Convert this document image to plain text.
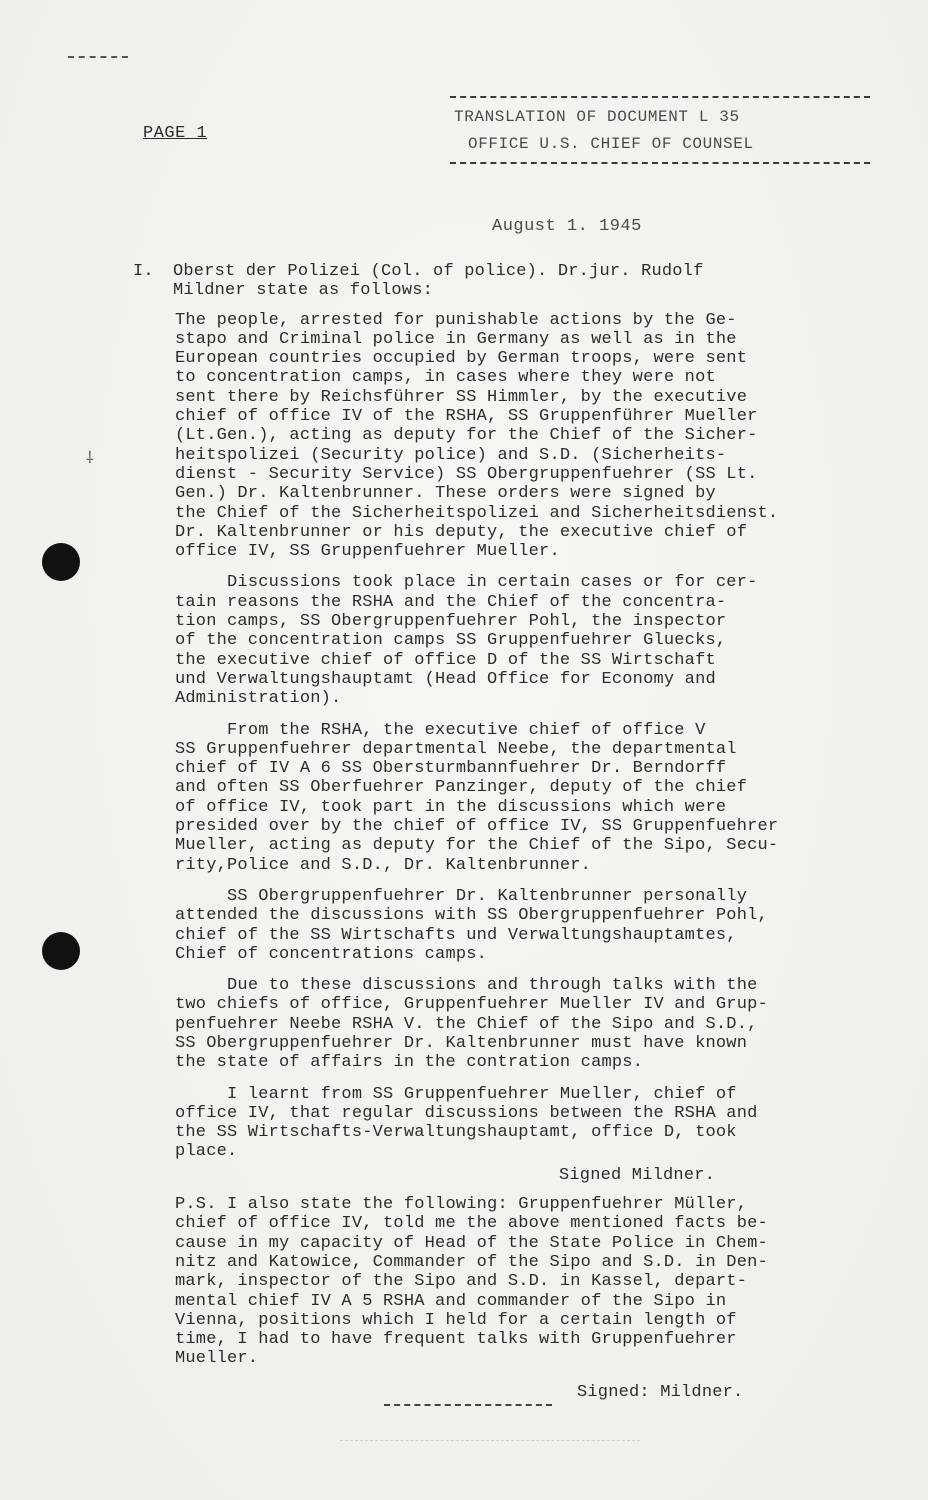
⸸
PAGE 1
TRANSLATION OF DOCUMENT L 35
OFFICE U.S. CHIEF OF COUNSEL
August 1. 1945
I.	Oberst der Polizei (Col. of police). Dr.jur. Rudolf
Mildner state as follows:

The people, arrested for punishable actions by the Ge-
stapo and Criminal police in Germany as well as in the
European countries occupied by German troops, were sent
to concentration camps, in cases where they were not
sent there by Reichsführer SS Himmler, by the executive
chief of office IV of the RSHA, SS Gruppenführer Mueller
(Lt.Gen.), acting as deputy for the Chief of the Sicher-
heitspolizei (Security police) and S.D. (Sicherheits-
dienst - Security Service) SS Obergruppenfuehrer (SS Lt.
Gen.) Dr. Kaltenbrunner. These orders were signed by
the Chief of the Sicherheitspolizei and Sicherheitsdienst.
Dr. Kaltenbrunner or his deputy, the executive chief of
office IV, SS Gruppenfuehrer Mueller.

Discussions took place in certain cases or for cer-
tain reasons the RSHA and the Chief of the concentra-
tion camps, SS Obergruppenfuehrer Pohl, the inspector
of the concentration camps SS Gruppenfuehrer Gluecks,
the executive chief of office D of the SS Wirtschaft
und Verwaltungshauptamt (Head Office for Economy and
Administration).

From the RSHA, the executive chief of office V
SS Gruppenfuehrer departmental Neebe, the departmental
chief of IV A 6 SS Obersturmbannfuehrer Dr. Berndorff
and often SS Oberfuehrer Panzinger, deputy of the chief
of office IV, took part in the discussions which were
presided over by the chief of office IV, SS Gruppenfuehrer
Mueller, acting as deputy for the Chief of the Sipo, Secu-
rity,Police and S.D., Dr. Kaltenbrunner.

SS Obergruppenfuehrer Dr. Kaltenbrunner personally
attended the discussions with SS Obergruppenfuehrer Pohl,
chief of the SS Wirtschafts und Verwaltungshauptamtes,
Chief of concentrations camps.

Due to these discussions and through talks with the
two chiefs of office, Gruppenfuehrer Mueller IV and Grup-
penfuehrer Neebe RSHA V. the Chief of the Sipo and S.D.,
SS Obergruppenfuehrer Dr. Kaltenbrunner must have known
the state of affairs in the contration camps.

I learnt from SS Gruppenfuehrer Mueller, chief of
office IV, that regular discussions between the RSHA and
the SS Wirtschafts-Verwaltungshauptamt, office D, took
place.

Signed Mildner.

P.S. I also state the following: Gruppenfuehrer Müller,
chief of office IV, told me the above mentioned facts be-
cause in my capacity of Head of the State Police in Chem-
nitz and Katowice, Commander of the Sipo and S.D. in Den-
mark, inspector of the Sipo and S.D. in Kassel, depart-
mental chief IV A 5 RSHA and commander of the Sipo in
Vienna, positions which I held for a certain length of
time, I had to have frequent talks with Gruppenfuehrer
Mueller.

Signed: Mildner.
